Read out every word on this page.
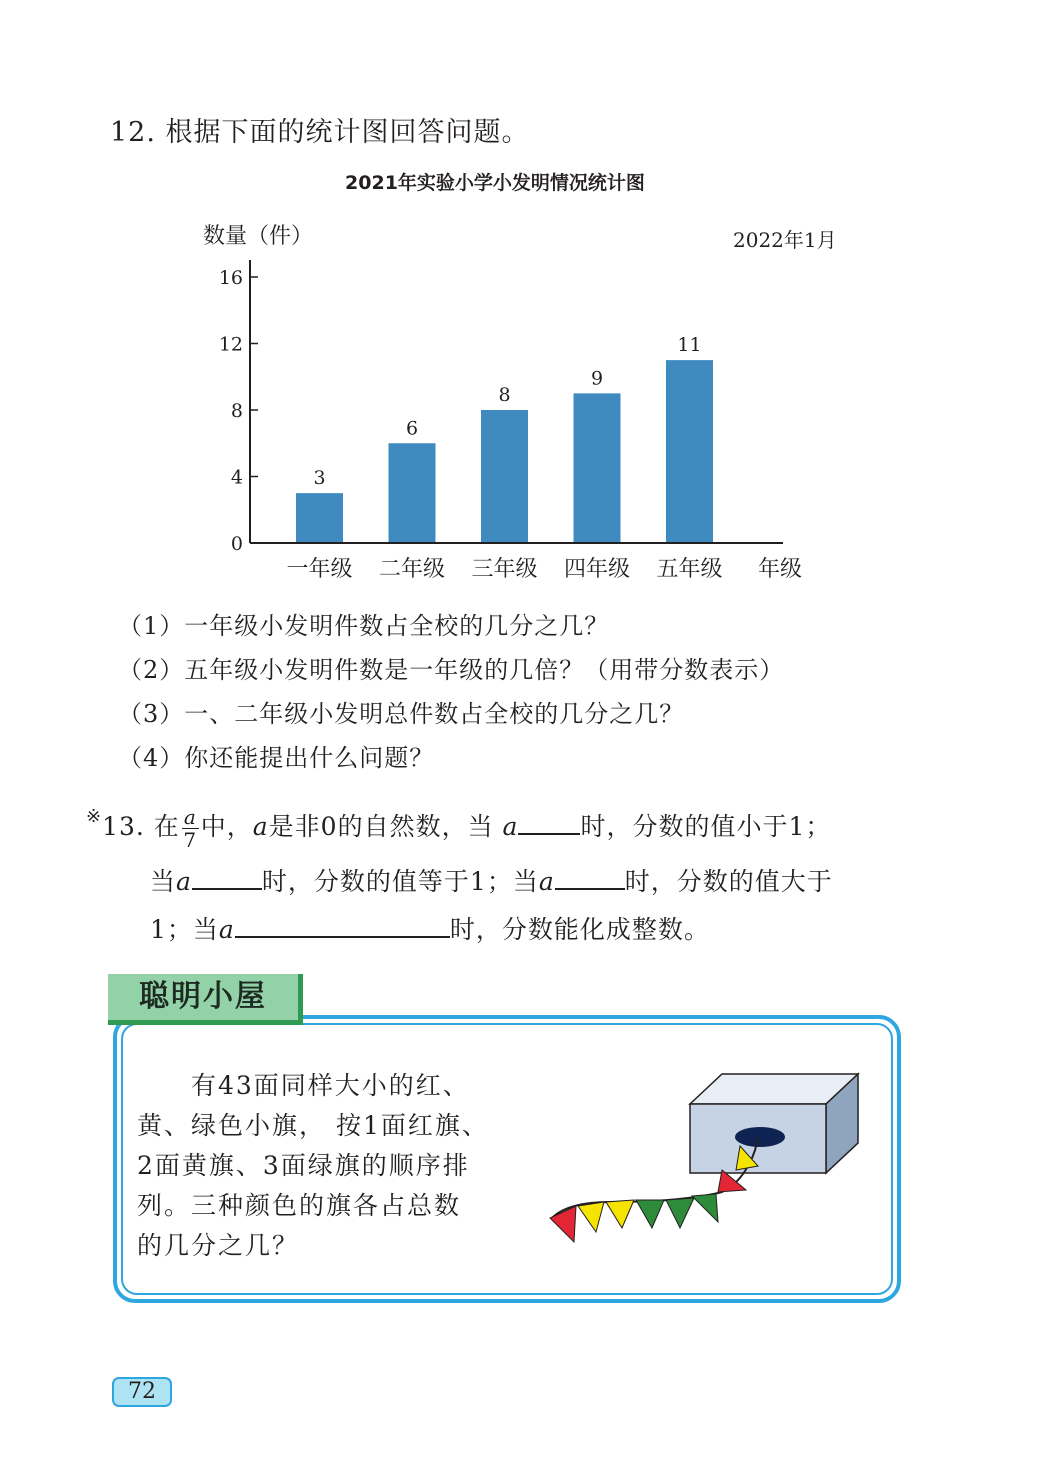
12. 根据下面的统计图回答问题。
2021年实验小学小发明情况统计图
数量（件）	2022年1月
0
4
8
12
16
3
一年级
6
二年级
8
三年级
9
四年级
11
五年级 年级
（1）一年级小发明件数占全校的几分之几？
（2）五年级小发明件数是一年级的几倍？（用带分数表示）
（3）一、二年级小发明总件数占全校的几分之几？
（4）你还能提出什么问题？
※13. 在 $\frac{a}{7}$ 中，a是非0的自然数，当 a 时，分数的值小于1；
当a	时，分数的值等于1；当a	时，分数的值大于
1；当a	时，分数能化成整数。
聪明小屋
　　有43面同样大小的红、
黄、绿色小旗， 按1面红旗、
2面黄旗、3面绿旗的顺序排
列。三种颜色的旗各占总数
的几分之几？
72
